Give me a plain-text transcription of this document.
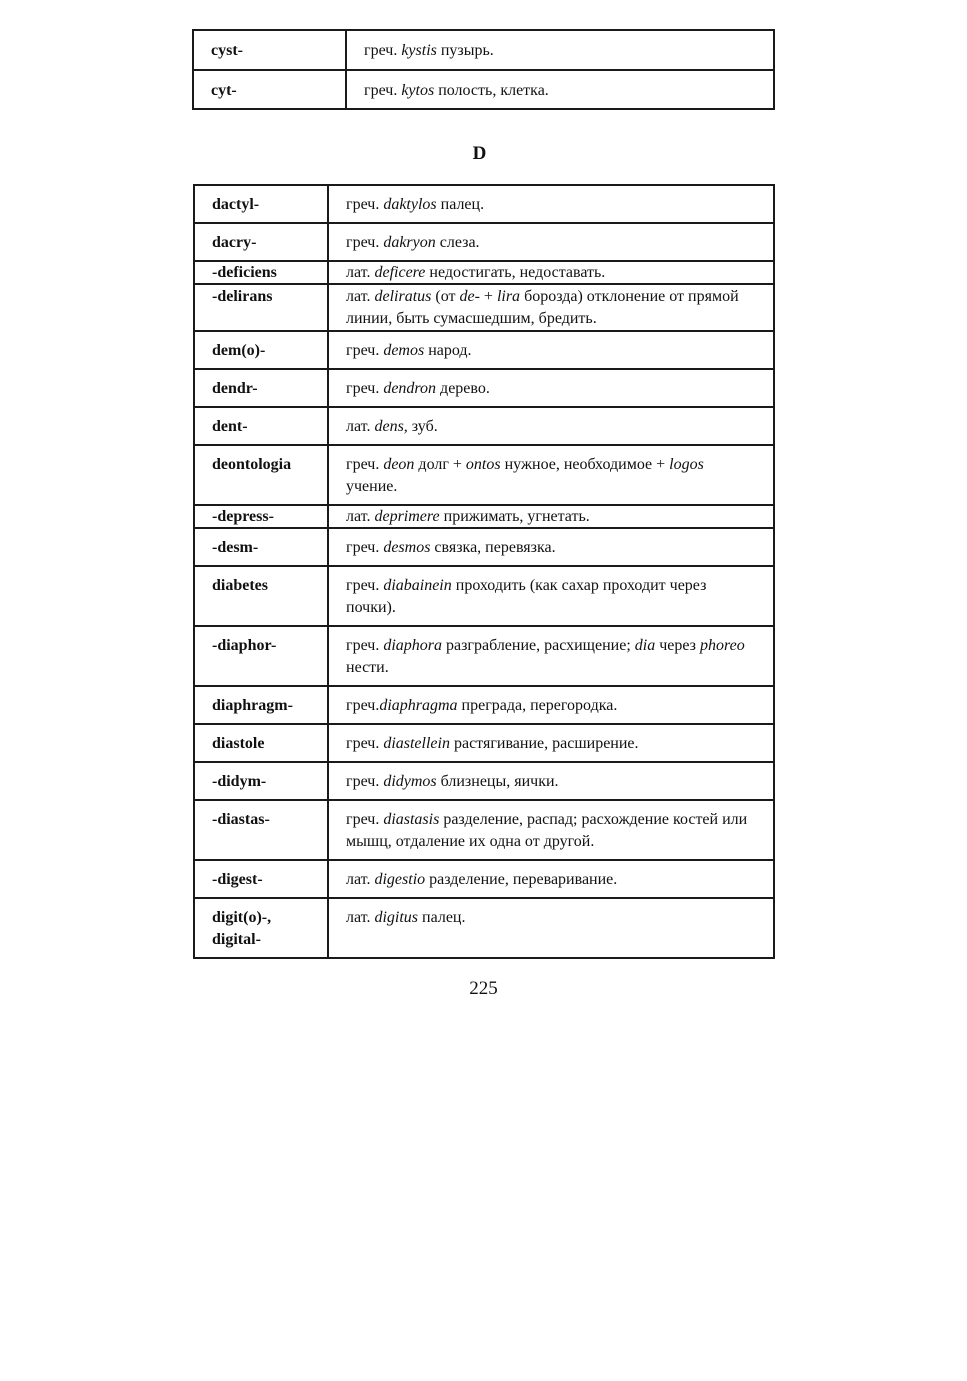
cyst-	греч. kystis пузырь.
cyt-	греч. kytos полость, клетка.
D
dactyl-	греч. daktylos палец.
dacry-	греч. dakryon слеза.
-deficiens	лат. deficere недостигать, недоставать.
-delirans	лат. deliratus (от de- + lira борозда) отклонение от прямой линии, быть сумасшедшим, бредить.
dem(o)-	греч. demos народ.
dendr-	греч. dendron дерево.
dent-	лат. dens, зуб.
deontologia	греч. deon долг + ontos нужное, необходимое + logos учение.
-depress-	лат. deprimere прижимать, угнетать.
-desm-	греч. desmos связка, перевязка.
diabetes	греч. diabainein проходить (как сахар проходит через почки).
-diaphor-	греч. diaphora разграбление, расхищение; dia через phoreo нести.
diaphragm-	греч.diaphragma преграда, перегородка.
diastole	греч. diastellein растягивание, расширение.
-didym-	греч. didymos близнецы, яички.
-diastas-	греч. diastasis разделение, распад; расхождение костей или мышц, отдаление их одна от другой.
-digest-	лат. digestio разделение, переваривание.
digit(o)-, digital-	лат. digitus палец.
225
